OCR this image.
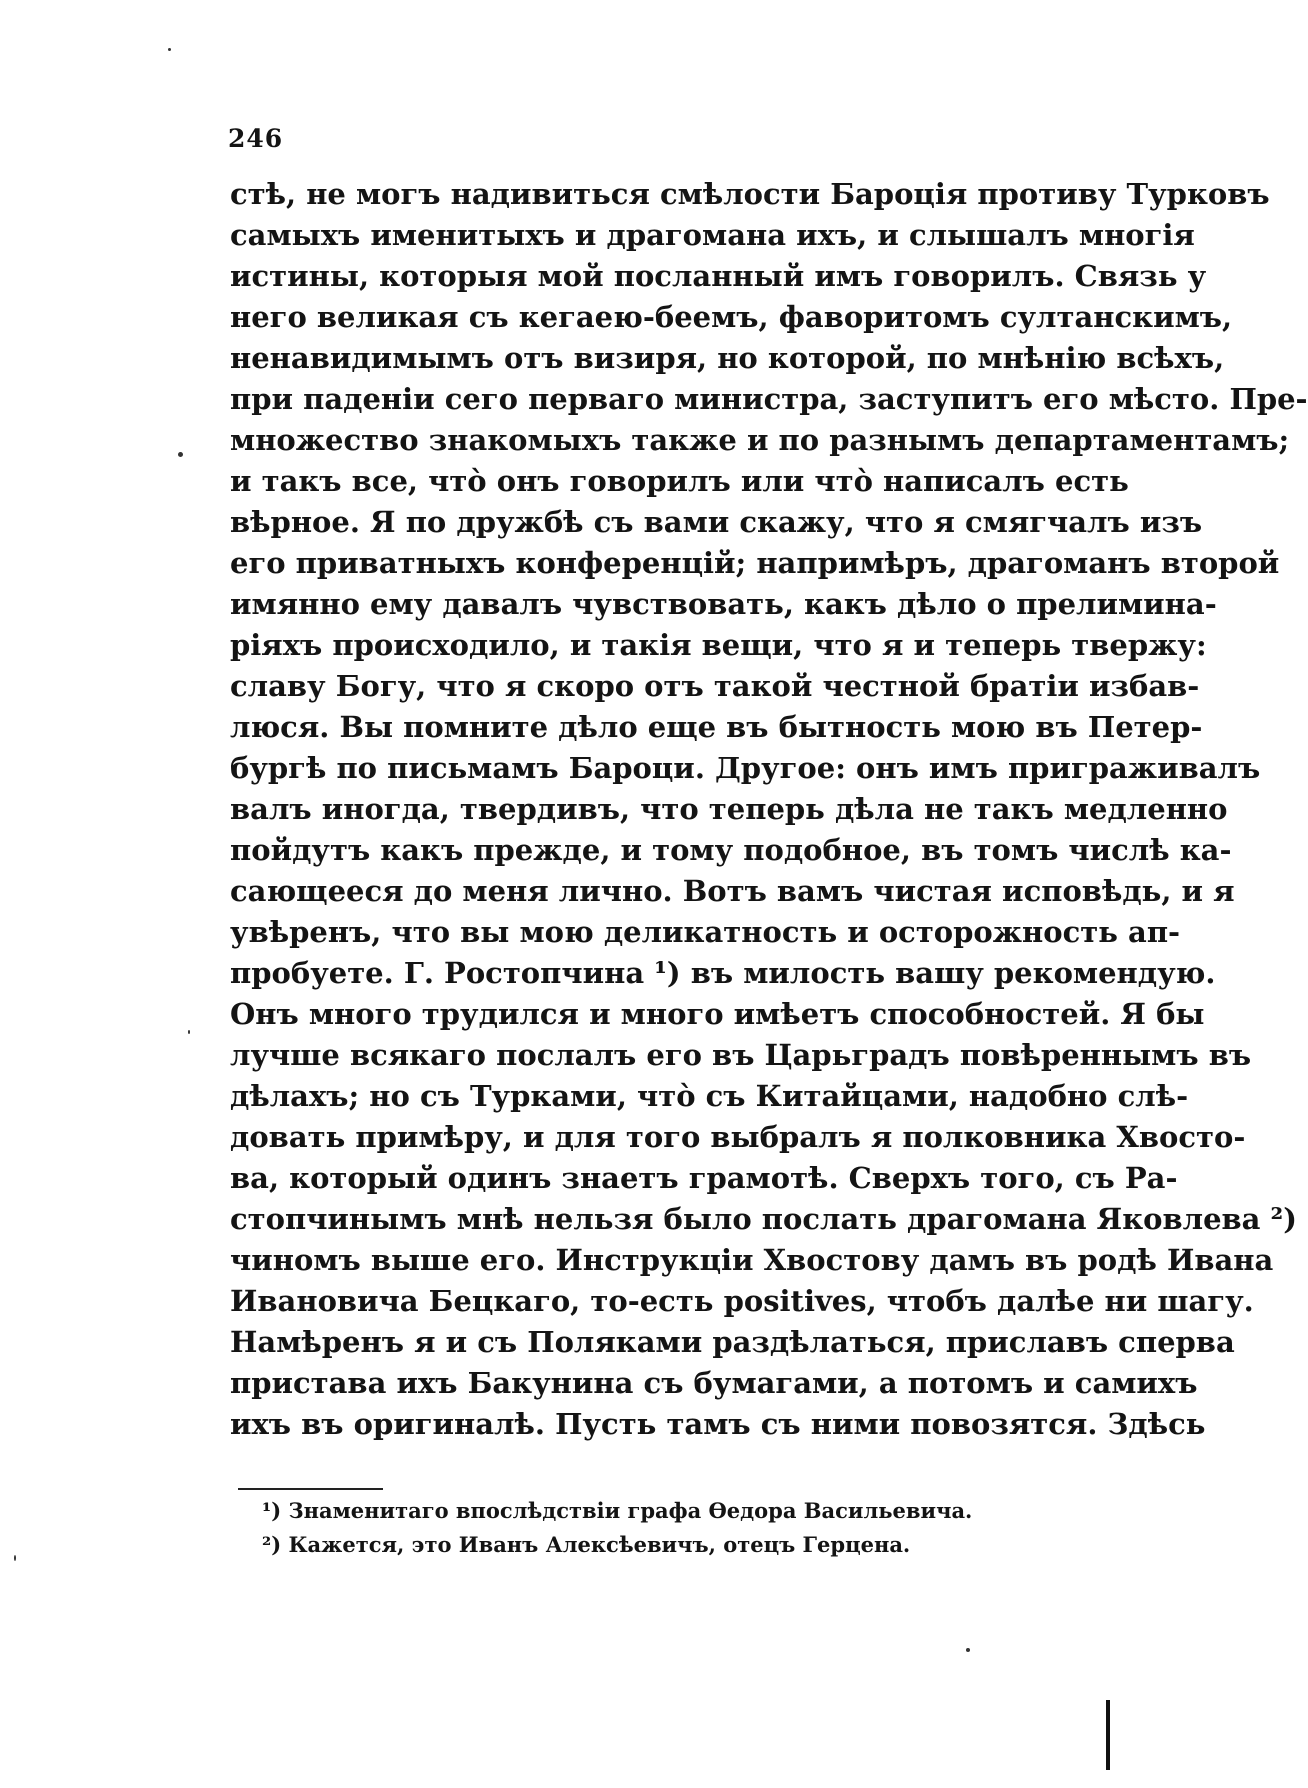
246
стѣ, не могъ надивиться смѣлости Бароція противу Турковъ
самыхъ именитыхъ и драгомана ихъ, и слышалъ многія
истины, которыя мой посланный имъ говорилъ. Связь у
него великая съ кегаею-беемъ, фаворитомъ султанскимъ,
ненавидимымъ отъ визиря, но которой, по мнѣнію всѣхъ,
при паденіи сего перваго министра, заступитъ его мѣсто. Пре-
множество знакомыхъ также и по разнымъ департаментамъ;
и такъ все, что̀ онъ говорилъ или что̀ написалъ есть
вѣрное. Я по дружбѣ съ вами скажу, что я смягчалъ изъ
его приватныхъ конференцій; напримѣръ, драгоманъ второй
имянно ему давалъ чувствовать, какъ дѣло о прелимина-
ріяхъ происходило, и такія вещи, что я и теперь твержу:
славу Богу, что я скоро отъ такой честной братіи избав-
люся. Вы помните дѣло еще въ бытность мою въ Петер-
бургѣ по письмамъ Бароци. Другое: онъ имъ приграживалъ
валъ иногда, твердивъ, что теперь дѣла не такъ медленно
пойдутъ какъ прежде, и тому подобное, въ томъ числѣ ка-
сающееся до меня лично. Вотъ вамъ чистая исповѣдь, и я
увѣренъ, что вы мою деликатность и осторожность ап-
пробуете. Г. Ростопчина ¹) въ милость вашу рекомендую.
Онъ много трудился и много имѣетъ способностей. Я бы
лучше всякаго послалъ его въ Царьградъ повѣреннымъ въ
дѣлахъ; но съ Турками, что̀ съ Китайцами, надобно слѣ-
довать примѣру, и для того выбралъ я полковника Хвосто-
ва, который одинъ знаетъ грамотѣ. Сверхъ того, съ Ра-
стопчинымъ мнѣ нельзя было послать драгомана Яковлева ²)
чиномъ выше его. Инструкціи Хвостову дамъ въ родѣ Ивана
Ивановича Бецкаго, то-есть positives, чтобъ далѣе ни шагу.
Намѣренъ я и съ Поляками раздѣлаться, приславъ сперва
пристава ихъ Бакунина съ бумагами, а потомъ и самихъ
ихъ въ оригиналѣ. Пусть тамъ съ ними повозятся. Здѣсь
¹) Знаменитаго впослѣдствіи графа Ѳедора Васильевича.
²) Кажется, это Иванъ Алексѣевичъ, отецъ Герцена.
